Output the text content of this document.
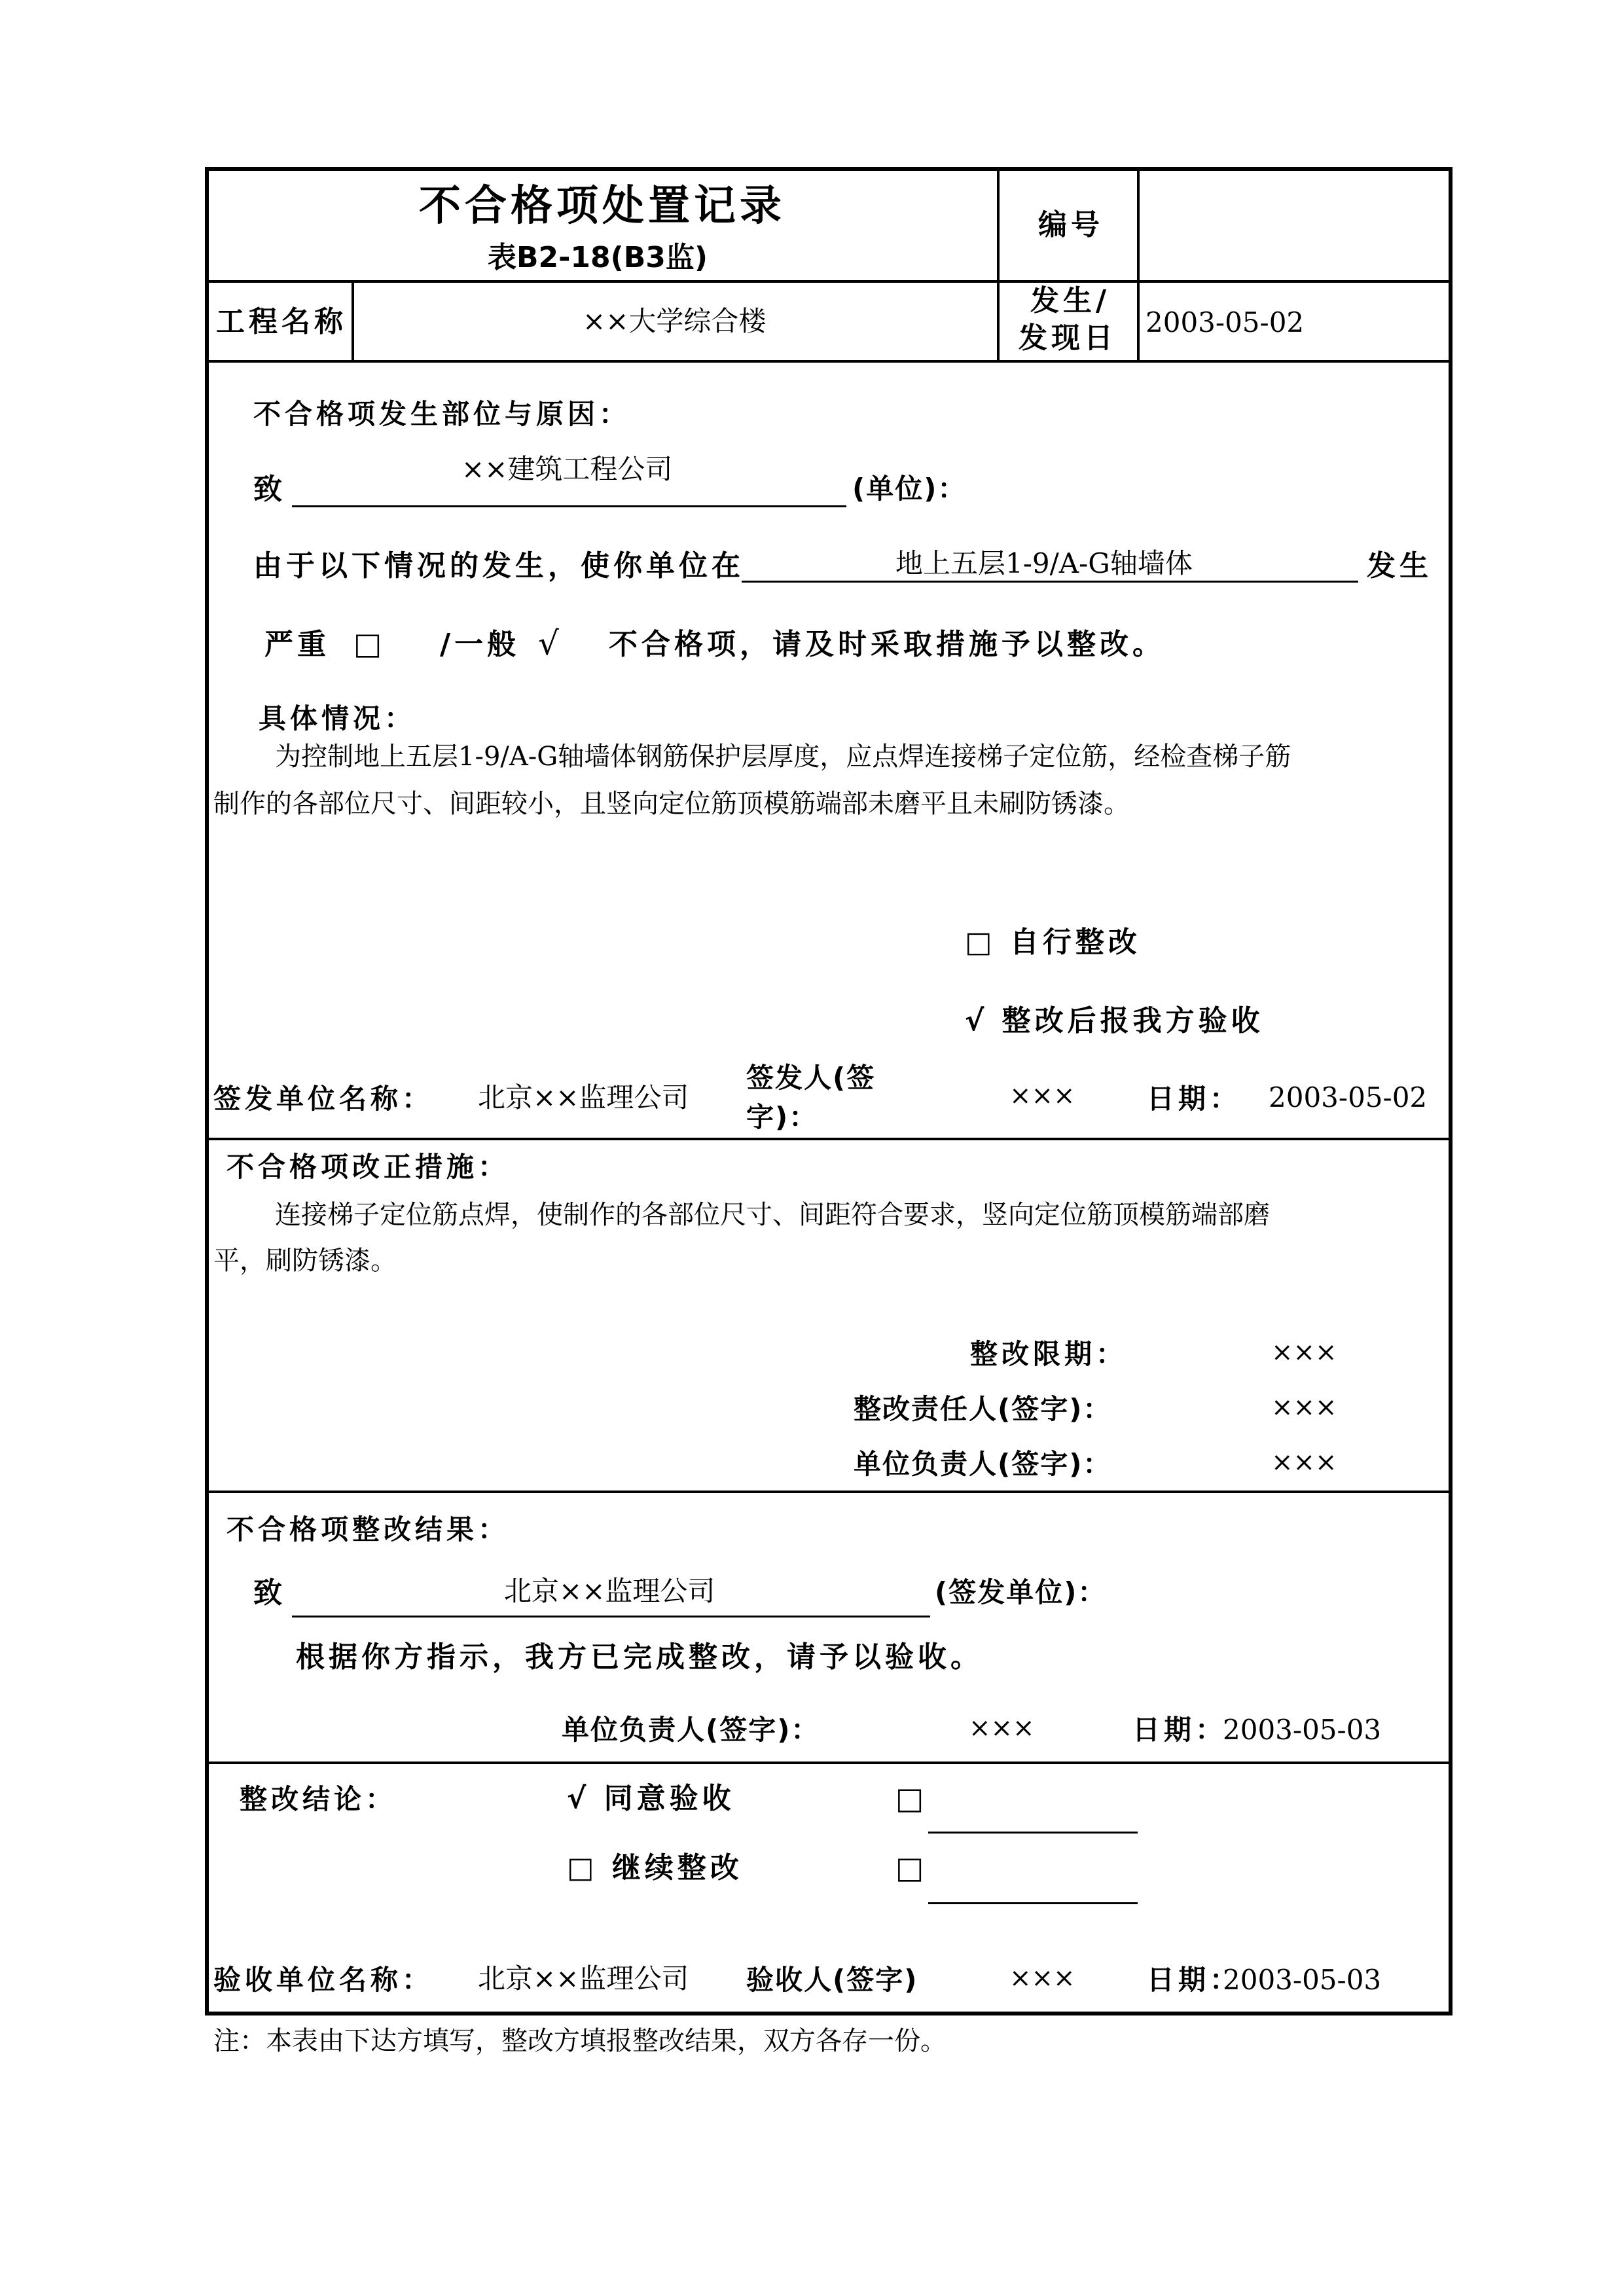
不合格项处置记录
表B2-18(B3监)
编号
工程名称	××大学综合楼
发生/
发现日 2003-05-02
不合格项发生部位与原因：
致
××建筑工程公司
(单位)：
由于以下情况的发生，使你单位在	地上五层1-9/A-G轴墙体	发生
严重 □ /一般 √ 不合格项，请及时采取措施予以整改。
具体情况：
为控制地上五层1-9/A-G轴墙体钢筋保护层厚度，应点焊连接梯子定位筋，经检查梯子筋
制作的各部位尺寸、间距较小，且竖向定位筋顶模筋端部未磨平且未刷防锈漆。
□ 自行整改
√ 整改后报我方验收
签发单位名称： 北京××监理公司
签发人(签
字)：
×××	日期： 2003-05-02
不合格项改正措施：
连接梯子定位筋点焊，使制作的各部位尺寸、间距符合要求，竖向定位筋顶模筋端部磨
平，刷防锈漆。
整改限期：	×××
整改责任人(签字)：	×××
单位负责人(签字)：	×××
不合格项整改结果：
致	北京××监理公司	(签发单位)：
根据你方指示，我方已完成整改，请予以验收。
单位负责人(签字)：	×××	日期：
2003-05-03
整改结论：	√ 同意验收	□
□ 继续整改	□
验收单位名称： 北京××监理公司 验收人(签字)	×××	日期：
2003-05-03
注：本表由下达方填写，整改方填报整改结果，双方各存一份。
